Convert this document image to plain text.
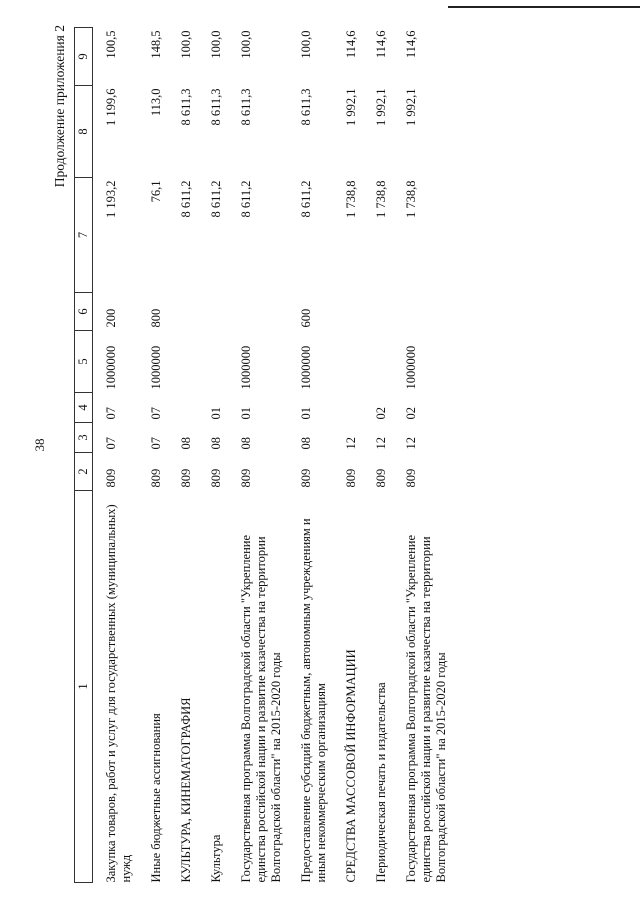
38
Продолжение приложения 2
1	2	3	4	5	6	7	8	9
Закупка товаров, работ и услуг для государственных (муниципальных) нужд	809	07	07	1000000	200	1 193,2	1 199,6	100,5
Иные бюджетные ассигнования	809	07	07	1000000	800	76,1	113,0	148,5
КУЛЬТУРА, КИНЕМАТОГРАФИЯ	809	08				8 611,2	8 611,3	100,0
Культура	809	08	01			8 611,2	8 611,3	100,0
Государственная программа Волгоградской области "Укрепление единства российской нации и развитие казачества на территории Волгоградской области" на 2015-2020 годы	809	08	01	1000000		8 611,2	8 611,3	100,0
Предоставление субсидий бюджетным, автономным учреждениям и иным некоммерческим организациям	809	08	01	1000000	600	8 611,2	8 611,3	100,0
СРЕДСТВА МАССОВОЙ ИНФОРМАЦИИ	809	12				1 738,8	1 992,1	114,6
Периодическая печать и издательства	809	12	02			1 738,8	1 992,1	114,6
Государственная программа Волгоградской области "Укрепление единства российской нации и развитие казачества на территории Волгоградской области" на 2015-2020 годы	809	12	02	1000000		1 738,8	1 992,1	114,6
